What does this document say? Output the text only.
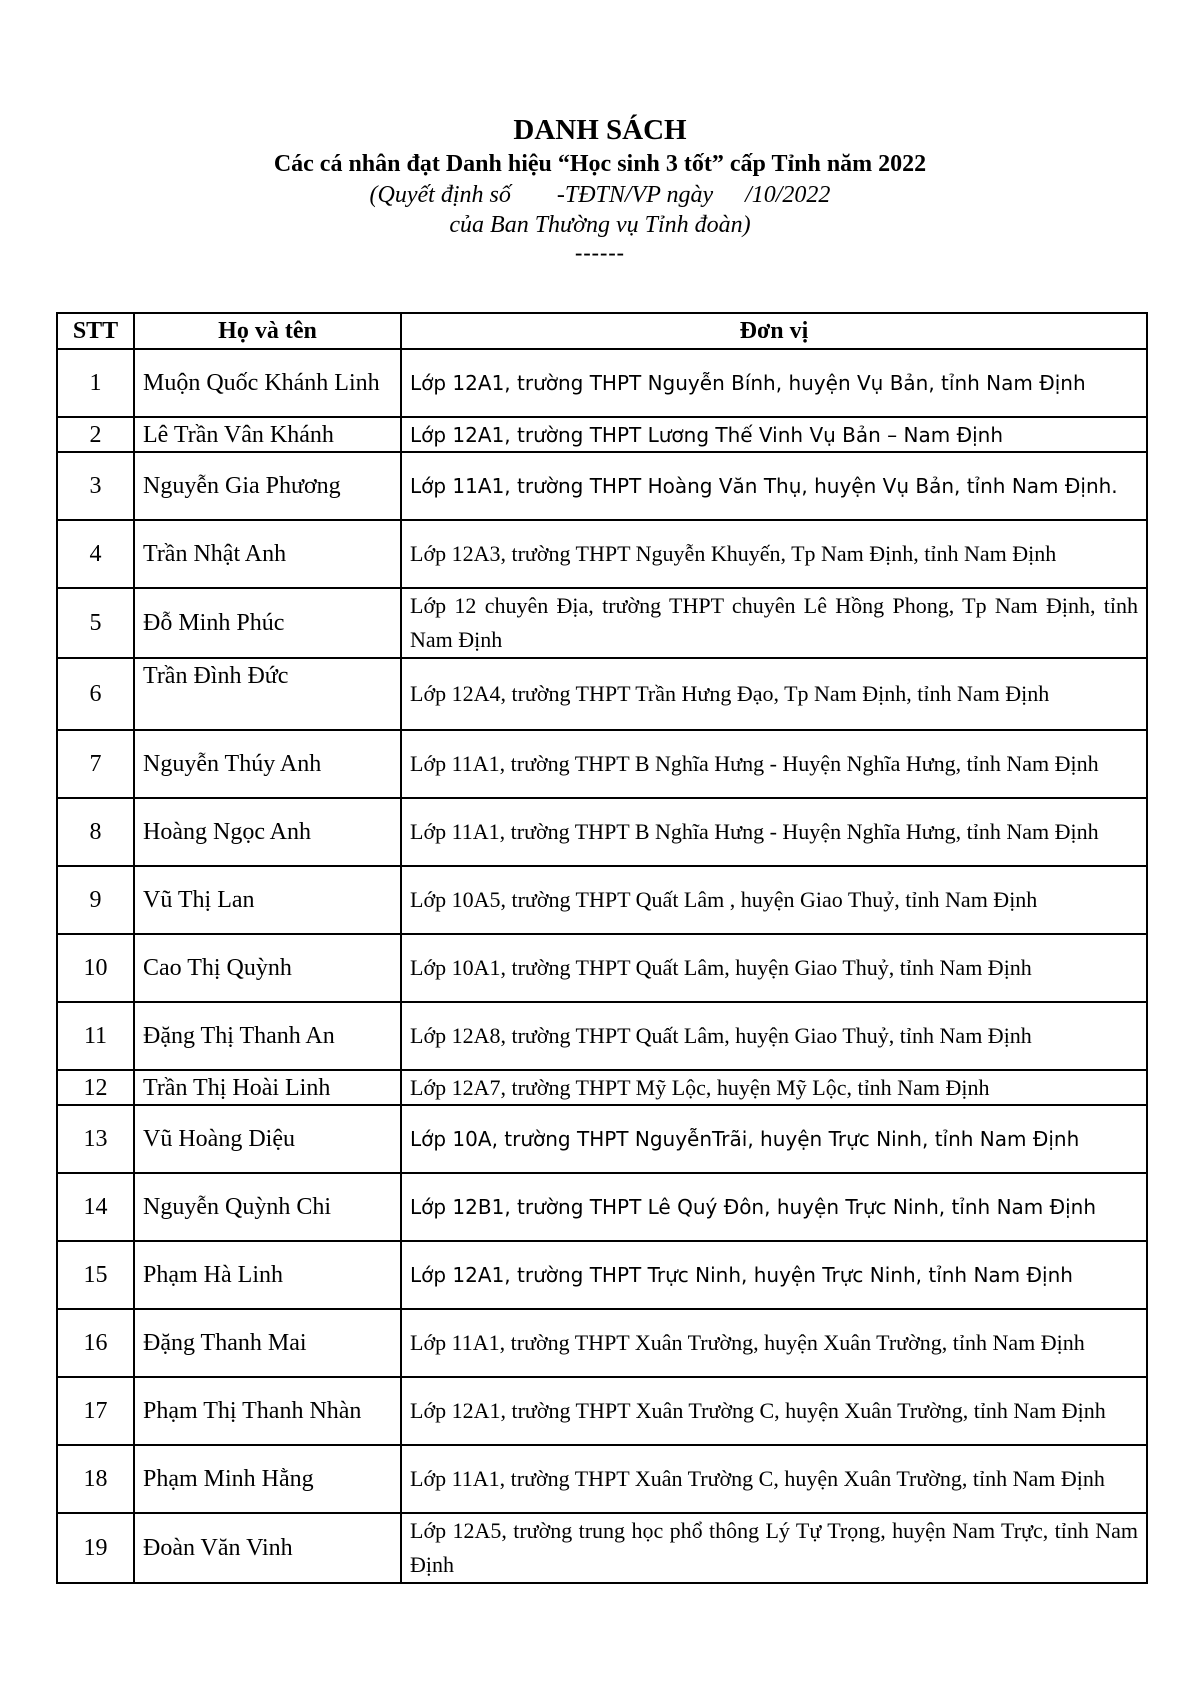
DANH SÁCH
Các cá nhân đạt Danh hiệu “Học sinh 3 tốt” cấp Tỉnh năm 2022
(Quyết định số -TĐTN/VP ngày /10/2022
của Ban Thường vụ Tỉnh đoàn)
------
STT	Họ và tên	Đơn vị
1	Muộn Quốc Khánh Linh	Lớp 12A1, trường THPT Nguyễn Bính, huyện Vụ Bản, tỉnh Nam Định
2	Lê Trần Vân Khánh	Lớp 12A1, trường THPT Lương Thế Vinh Vụ Bản – Nam Định
3	Nguyễn Gia Phương	Lớp 11A1, trường THPT Hoàng Văn Thụ, huyện Vụ Bản, tỉnh Nam Định.
4	Trần Nhật Anh	Lớp 12A3, trường THPT Nguyễn Khuyến, Tp Nam Định, tỉnh Nam Định
5	Đỗ Minh Phúc	Lớp 12 chuyên Địa, trường THPT chuyên Lê Hồng Phong, Tp Nam Định, tỉnh Nam Định
6	Trần Đình Đức	Lớp 12A4, trường THPT Trần Hưng Đạo, Tp Nam Định, tỉnh Nam Định
7	Nguyễn Thúy Anh	Lớp 11A1, trường THPT B Nghĩa Hưng - Huyện Nghĩa Hưng, tỉnh Nam Định
8	Hoàng Ngọc Anh	Lớp 11A1, trường THPT B Nghĩa Hưng - Huyện Nghĩa Hưng, tỉnh Nam Định
9	Vũ Thị Lan	Lớp 10A5, trường THPT Quất Lâm , huyện Giao Thuỷ, tỉnh Nam Định
10	Cao Thị Quỳnh	Lớp 10A1, trường THPT Quất Lâm, huyện Giao Thuỷ, tỉnh Nam Định
11	Đặng Thị Thanh An	Lớp 12A8, trường THPT Quất Lâm, huyện Giao Thuỷ, tỉnh Nam Định
12	Trần Thị Hoài Linh	Lớp 12A7, trường THPT Mỹ Lộc, huyện Mỹ Lộc, tỉnh Nam Định
13	Vũ Hoàng Diệu	Lớp 10A, trường THPT NguyễnTrãi, huyện Trực Ninh, tỉnh Nam Định
14	Nguyễn Quỳnh Chi	Lớp 12B1, trường THPT Lê Quý Đôn, huyện Trực Ninh, tỉnh Nam Định
15	Phạm Hà Linh	Lớp 12A1, trường THPT Trực Ninh, huyện Trực Ninh, tỉnh Nam Định
16	Đặng Thanh Mai	Lớp 11A1, trường THPT Xuân Trường, huyện Xuân Trường, tỉnh Nam Định
17	Phạm Thị Thanh Nhàn	Lớp 12A1, trường THPT Xuân Trường C, huyện Xuân Trường, tỉnh Nam Định
18	Phạm Minh Hằng	Lớp 11A1, trường THPT Xuân Trường C, huyện Xuân Trường, tỉnh Nam Định
19	Đoàn Văn Vinh	Lớp 12A5, trường trung học phổ thông Lý Tự Trọng, huyện Nam Trực, tỉnh Nam Định
